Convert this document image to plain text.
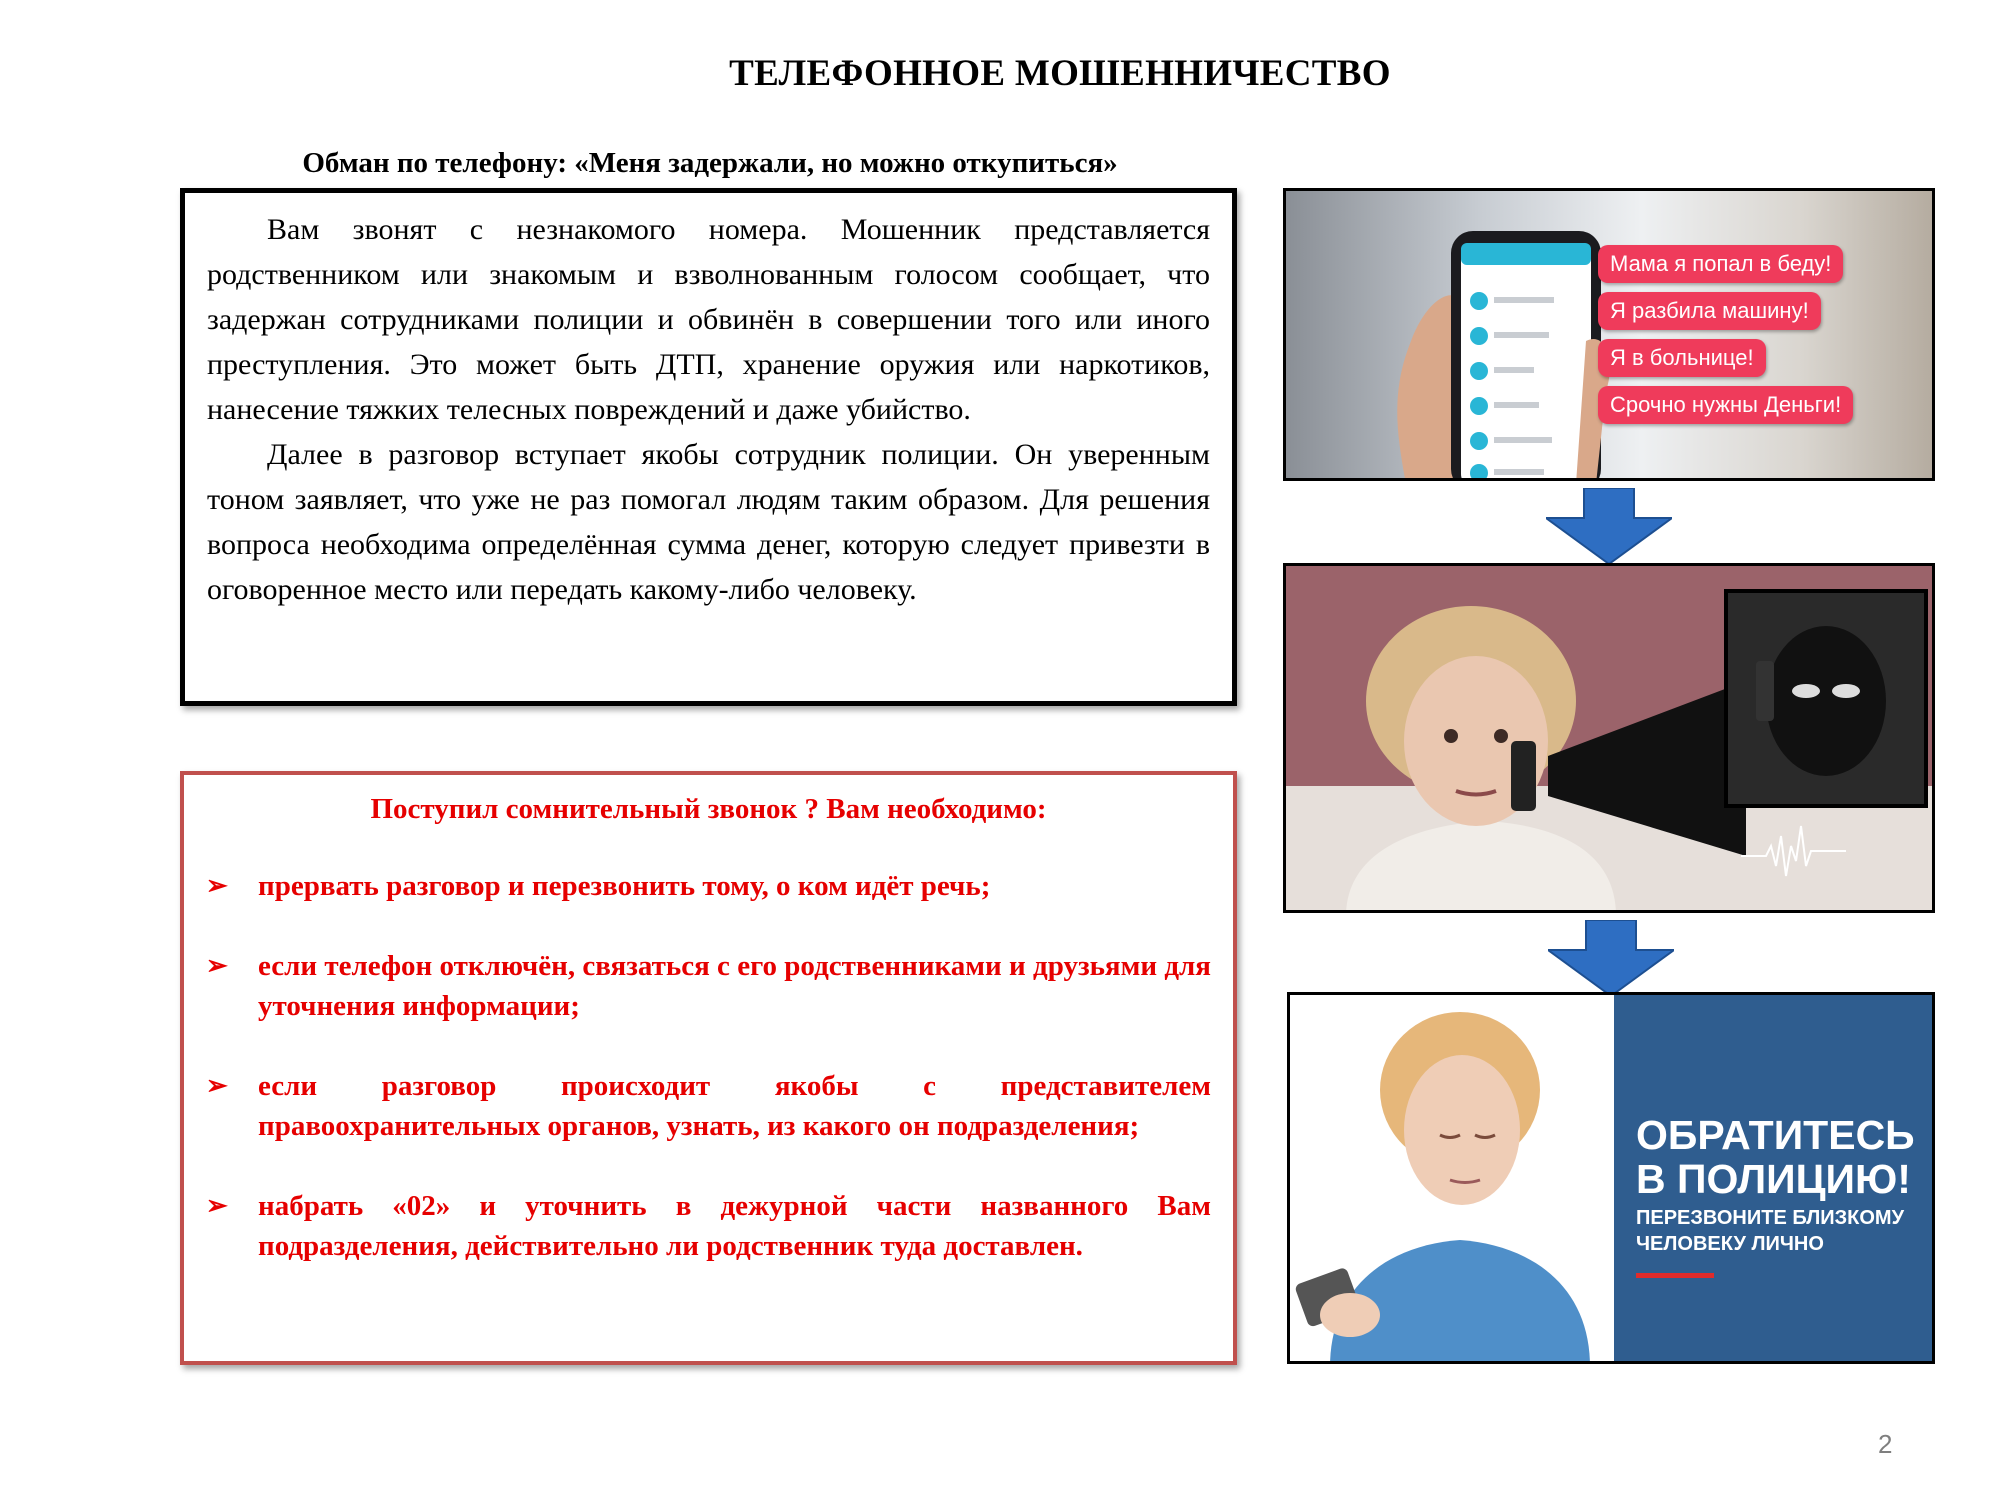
ТЕЛЕФОННОЕ МОШЕННИЧЕСТВО
Обман по телефону: «Меня задержали, но можно откупиться»

Вам звонят с незнакомого номера. Мошенник представляется родственником или знакомым и взволнованным голосом сообщает, что задержан сотрудниками полиции и обвинён в совершении того или иного преступления. Это может быть ДТП, хранение оружия или наркотиков, нанесение тяжких телесных повреждений и даже убийство.

Далее в разговор вступает якобы сотрудник полиции. Он уверенным тоном заявляет, что уже не раз помогал людям таким образом. Для решения вопроса необходима определённая сумма денег, которую следует привезти в оговоренное место или передать какому-либо человеку.

Поступил сомнительный звонок ? Вам необходимо:
➢ прервать разговор и перезвонить тому, о ком идёт речь;
➢ если телефон отключён, связаться с его родственниками и друзьями для уточнения информации;
➢ если разговор происходит якобы с представителем правоохранительных органов, узнать, из какого он подразделения;
➢ набрать «02» и уточнить в дежурной части названного Вам подразделения, действительно ли родственник туда доставлен.
Мама я попал в беду!
Я разбила машину!
Я в больнице!
Срочно нужны Деньги!
ОБРАТИТЕСЬ
В ПОЛИЦИЮ!
ПЕРЕЗВОНИТЕ БЛИЗКОМУ
ЧЕЛОВЕКУ ЛИЧНО
2
